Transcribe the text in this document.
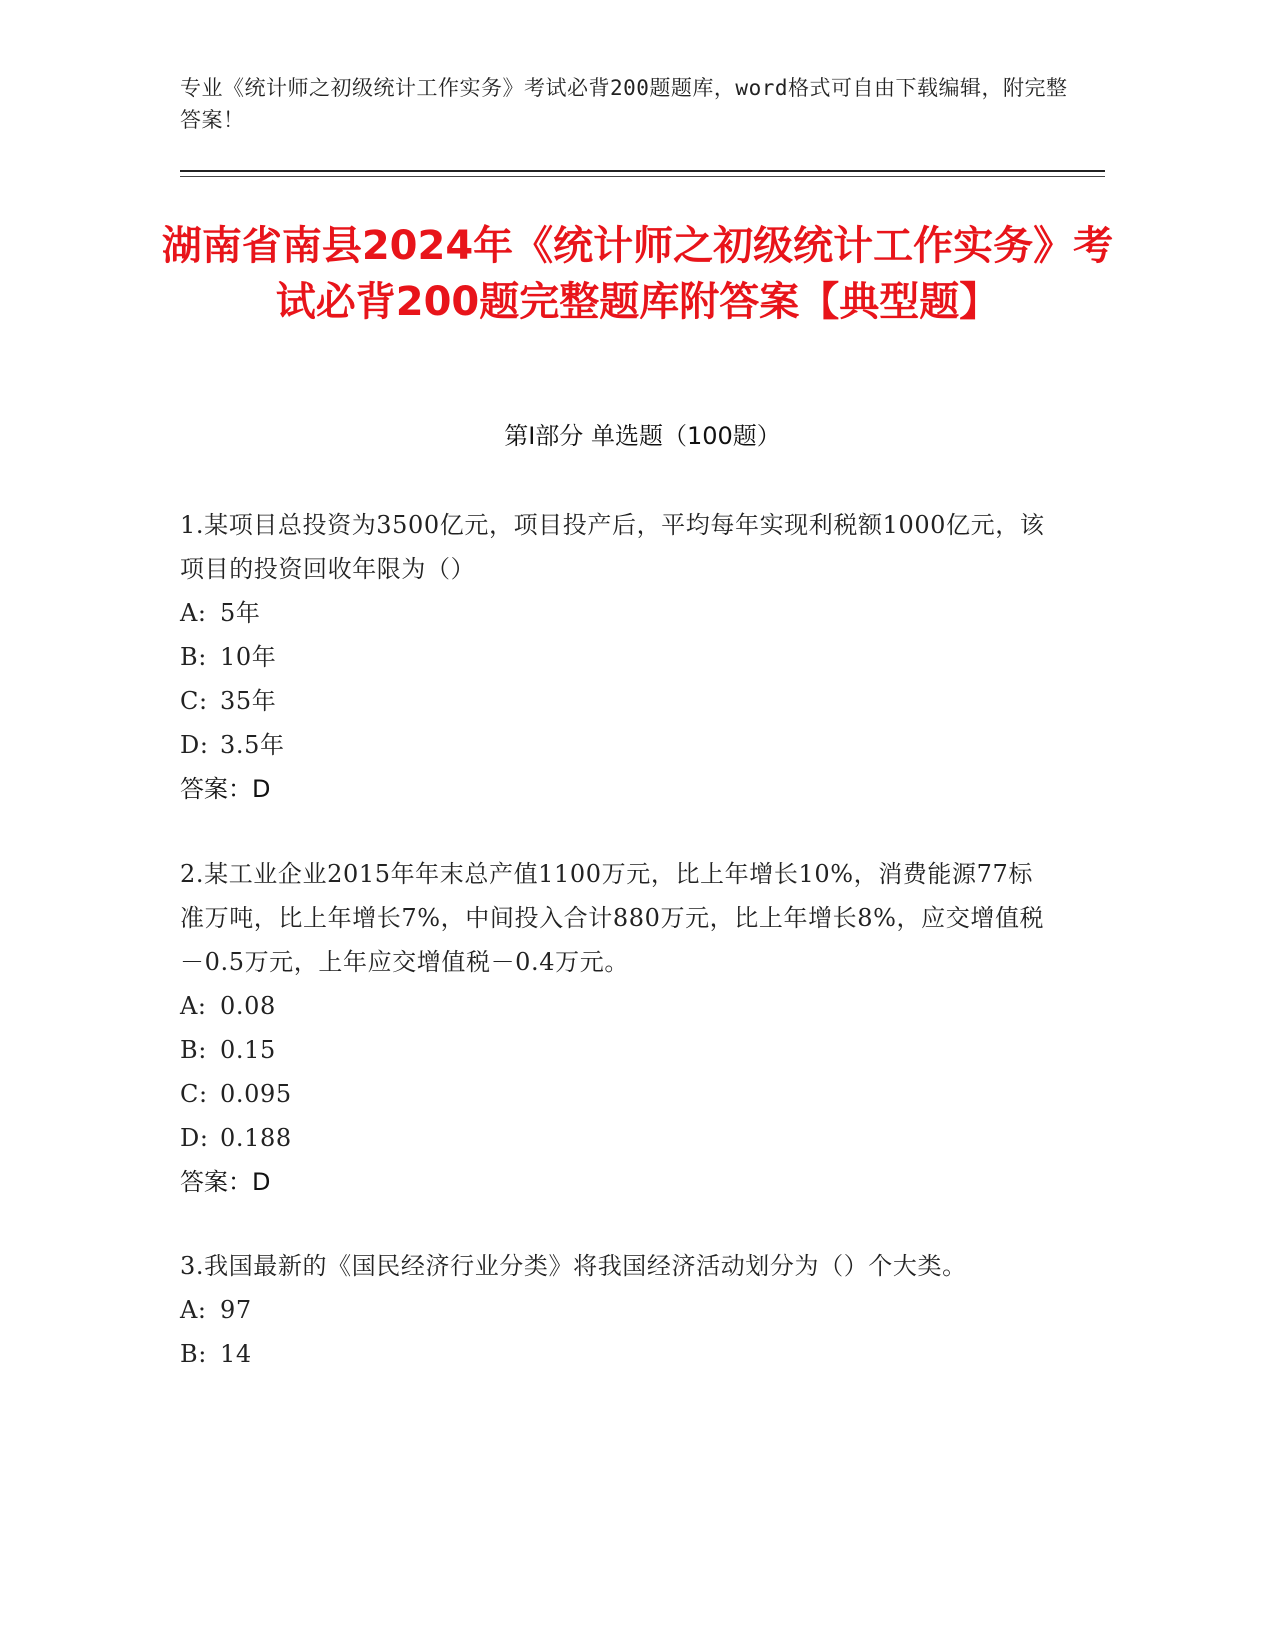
专业《统计师之初级统计工作实务》考试必背200题题库，word格式可自由下载编辑，附完整答案！
湖南省南县2024年《统计师之初级统计工作实务》考试必背200题完整题库附答案【典型题】
第I部分 单选题（100题）
1.某项目总投资为3500亿元，项目投产后，平均每年实现利税额1000亿元，该项目的投资回收年限为（）
A: 5年
B: 10年
C: 35年
D: 3.5年
答案：D
2.某工业企业2015年年末总产值1100万元，比上年增长10%，消费能源77标准万吨，比上年增长7%，中间投入合计880万元，比上年增长8%，应交增值税－0.5万元，上年应交增值税－0.4万元。
A: 0.08
B: 0.15
C: 0.095
D: 0.188
答案：D
3.我国最新的《国民经济行业分类》将我国经济活动划分为（）个大类。
A: 97
B: 14
